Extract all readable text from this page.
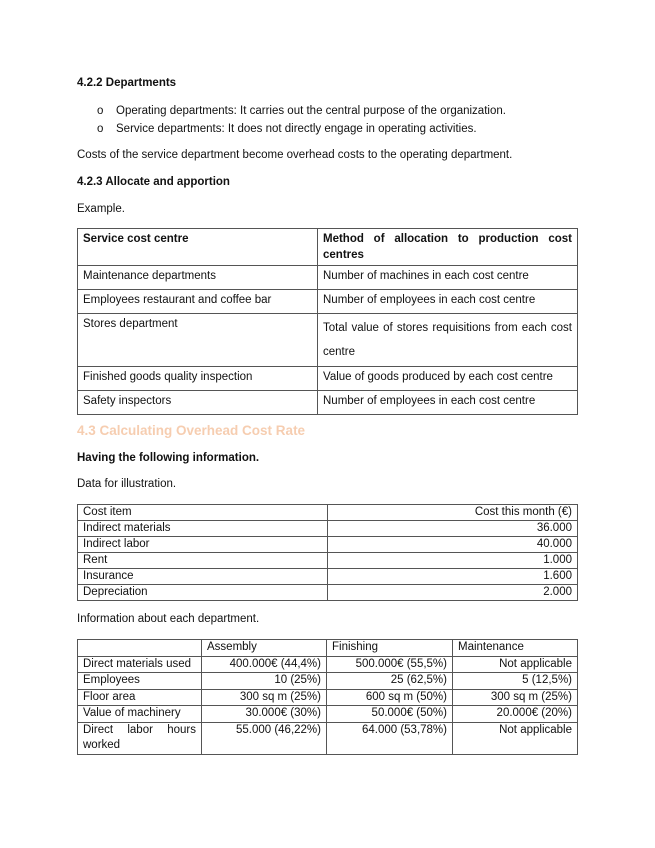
4.2.2 Departments
o Operating departments: It carries out the central purpose of the organization.
o Service departments: It does not directly engage in operating activities.
Costs of the service department become overhead costs to the operating department.
4.2.3 Allocate and apportion
Example.
Service cost centre	Method of allocation to production cost centres
Maintenance departments	Number of machines in each cost centre
Employees restaurant and coffee bar	Number of employees in each cost centre
Stores department	Total value of stores requisitions from each cost centre
Finished goods quality inspection	Value of goods produced by each cost centre
Safety inspectors	Number of employees in each cost centre
4.3 Calculating Overhead Cost Rate
Having the following information.
Data for illustration.
Cost item	Cost this month (€)
Indirect materials	36.000
Indirect labor	40.000
Rent	1.000
Insurance	1.600
Depreciation	2.000
Information about each department.
	Assembly	Finishing	Maintenance
Direct materials used	400.000€ (44,4%)	500.000€ (55,5%)	Not applicable
Employees	10 (25%)	25 (62,5%)	5 (12,5%)
Floor area	300 sq m (25%)	600 sq m (50%)	300 sq m (25%)
Value of machinery	30.000€ (30%)	50.000€ (50%)	20.000€ (20%)
Direct labor hours worked	55.000 (46,22%)	64.000 (53,78%)	Not applicable
